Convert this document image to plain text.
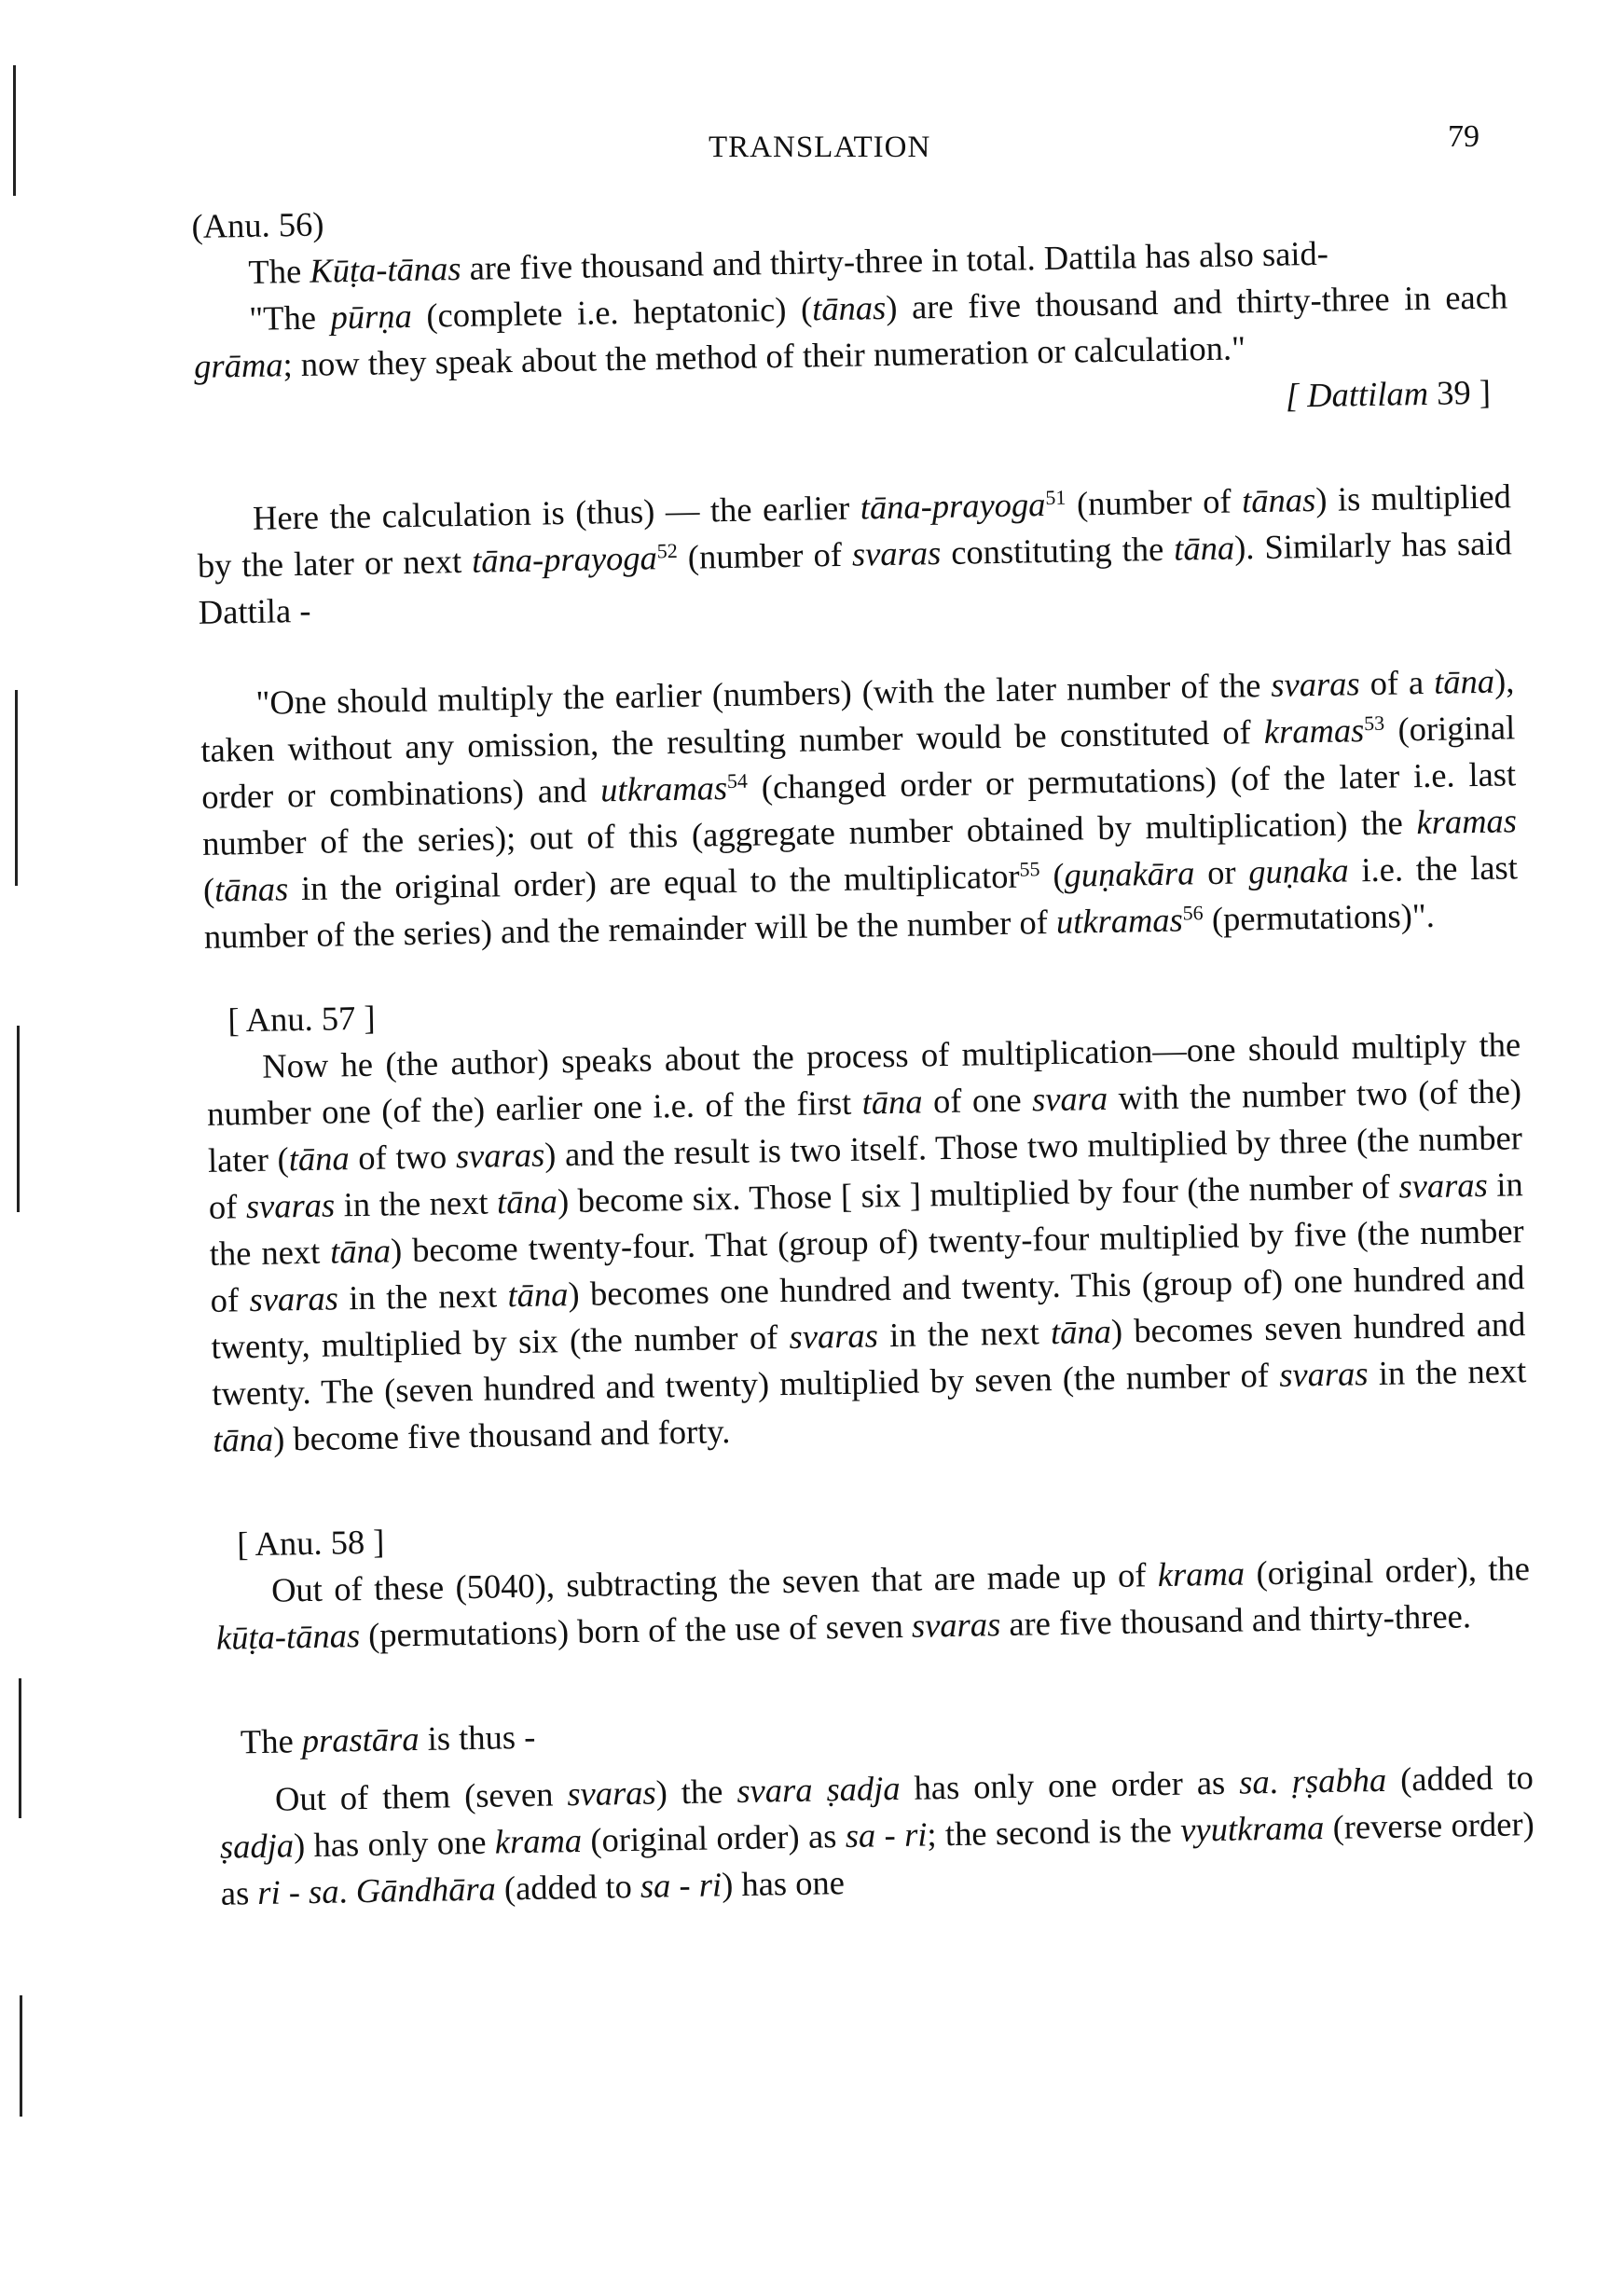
TRANSLATION	79

(Anu. 56)

The Kūṭa-tānas are five thousand and thirty-three in total. Dattila has also said-

"The pūrṇa (complete i.e. heptatonic) (tānas) are five thousand and thirty-three in each grāma; now they speak about the method of their numeration or calculation."

[ Dattilam 39 ]

Here the calculation is (thus) — the earlier tāna-prayoga$^{51}$ (number of tānas) is multiplied by the later or next tāna-prayoga$^{52}$ (number of svaras constituting the tāna). Similarly has said Dattila -

"One should multiply the earlier (numbers) (with the later number of the svaras of a tāna), taken without any omission, the resulting number would be constituted of kramas$^{53}$ (original order or combinations) and utkramas$^{54}$ (changed order or permutations) (of the later i.e. last number of the series); out of this (aggregate number obtained by multiplication) the kramas (tānas in the original order) are equal to the multiplicator$^{55}$ (guṇakāra or guṇaka i.e. the last number of the series) and the remainder will be the number of utkramas$^{56}$ (permutations)".

[ Anu. 57 ]

Now he (the author) speaks about the process of multiplication—one should multiply the number one (of the) earlier one i.e. of the first tāna of one svara with the number two (of the) later (tāna of two svaras) and the result is two itself. Those two multiplied by three (the number of svaras in the next tāna) become six. Those [ six ] multiplied by four (the number of svaras in the next tāna) become twenty-four. That (group of) twenty-four multiplied by five (the number of svaras in the next tāna) becomes one hundred and twenty. This (group of) one hundred and twenty, multiplied by six (the number of svaras in the next tāna) becomes seven hundred and twenty. The (seven hundred and twenty) multiplied by seven (the number of svaras in the next tāna) become five thousand and forty.

[ Anu. 58 ]

Out of these (5040), subtracting the seven that are made up of krama (original order), the kūṭa-tānas (permutations) born of the use of seven svaras are five thousand and thirty-three.

The prastāra is thus -

Out of them (seven svaras) the svara ṣadja has only one order as sa. ṛṣabha (added to ṣadja) has only one krama (original order) as sa - ri; the second is the vyutkrama (reverse order) as ri - sa. Gāndhāra (added to sa - ri) has one
